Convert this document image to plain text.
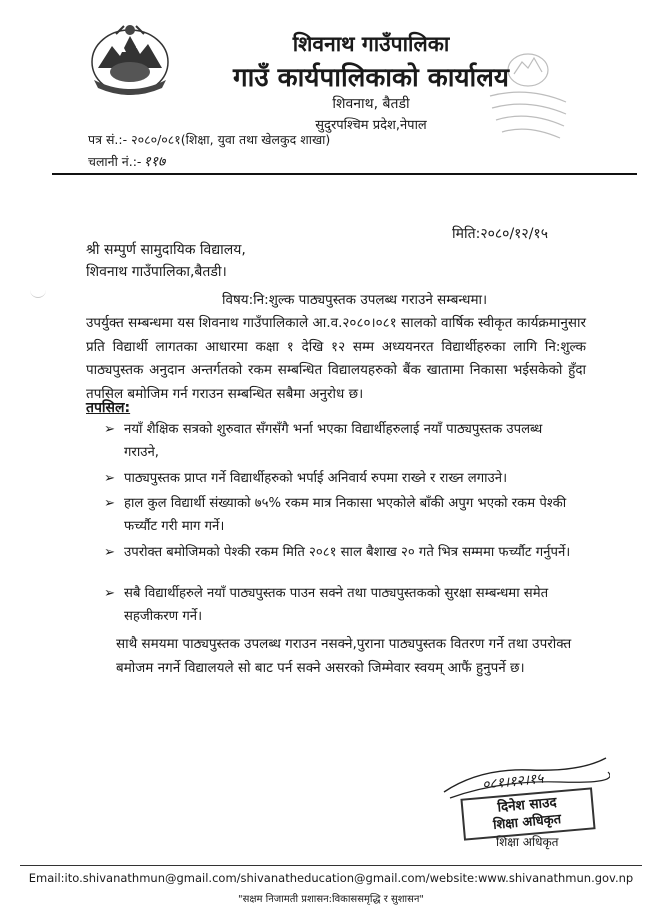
शिवनाथ गाउँपालिका
गाउँ कार्यपालिकाको कार्यालय
शिवनाथ, बैतडी
सुदुरपश्चिम प्रदेश,नेपाल
पत्र सं.:- २०८०/०८१(शिक्षा, युवा तथा खेलकुद शाखा)
चलानी नं.:- ११७
मिति:२०८०/१२/१५
श्री सम्पुर्ण सामुदायिक विद्यालय,
शिवनाथ गाउँपालिका,बैतडी।
विषय:नि:शुल्क पाठ्यपुस्तक उपलब्ध गराउने सम्बन्धमा।
उपर्युक्त सम्बन्धमा यस शिवनाथ गाउँपालिकाले आ.व.२०८०।०८१ सालको वार्षिक स्वीकृत कार्यक्रमानुसार प्रति विद्यार्थी लागतका आधारमा कक्षा १ देखि १२ सम्म अध्ययनरत विद्यार्थीहरुका लागि नि:शुल्क पाठ्यपुस्तक अनुदान अन्तर्गतको रकम सम्बन्धित विद्यालयहरुको बैंक खातामा निकासा भईसकेको हुँदा तपसिल बमोजिम गर्न गराउन सम्बन्धित सबैमा अनुरोध छ।
तपसिल:
➢ नयाँ शैक्षिक सत्रको शुरुवात सँगसँगै भर्ना भएका विद्यार्थीहरुलाई नयाँ पाठ्यपुस्तक उपलब्ध गराउने,
➢ पाठ्यपुस्तक प्राप्त गर्ने विद्यार्थीहरुको भर्पाई अनिवार्य रुपमा राख्ने र राख्न लगाउने।
➢ हाल कुल विद्यार्थी संख्याको ७५% रकम मात्र निकासा भएकोले बाँकी अपुग भएको रकम पेश्की फर्च्यौट गरी माग गर्ने।
➢ उपरोक्त बमोजिमको पेश्की रकम मिति २०८१ साल बैशाख २० गते भित्र सम्ममा फर्च्यौट गर्नुपर्ने।
➢ सबै विद्यार्थीहरुले नयाँ पाठ्यपुस्तक पाउन सक्ने तथा पाठ्यपुस्तकको सुरक्षा सम्बन्धमा समेत सहजीकरण गर्ने।
साथै समयमा पाठ्यपुस्तक उपलब्ध गराउन नसक्ने,पुराना पाठ्यपुस्तक वितरण गर्ने तथा उपरोक्त बमोजम नगर्ने विद्यालयले सो बाट पर्न सक्ने असरको जिम्मेवार स्वयम् आफैं हुनुपर्ने छ।
०८१।१२।१५
दिनेश साउद
शिक्षा अधिकृत
शिक्षा अधिकृत
Email:ito.shivanathmun@gmail.com/shivanatheducation@gmail.com/website:www.shivanathmun.gov.np
"सक्षम निजामती प्रशासन:विकाससमृद्धि र सुशासन"
